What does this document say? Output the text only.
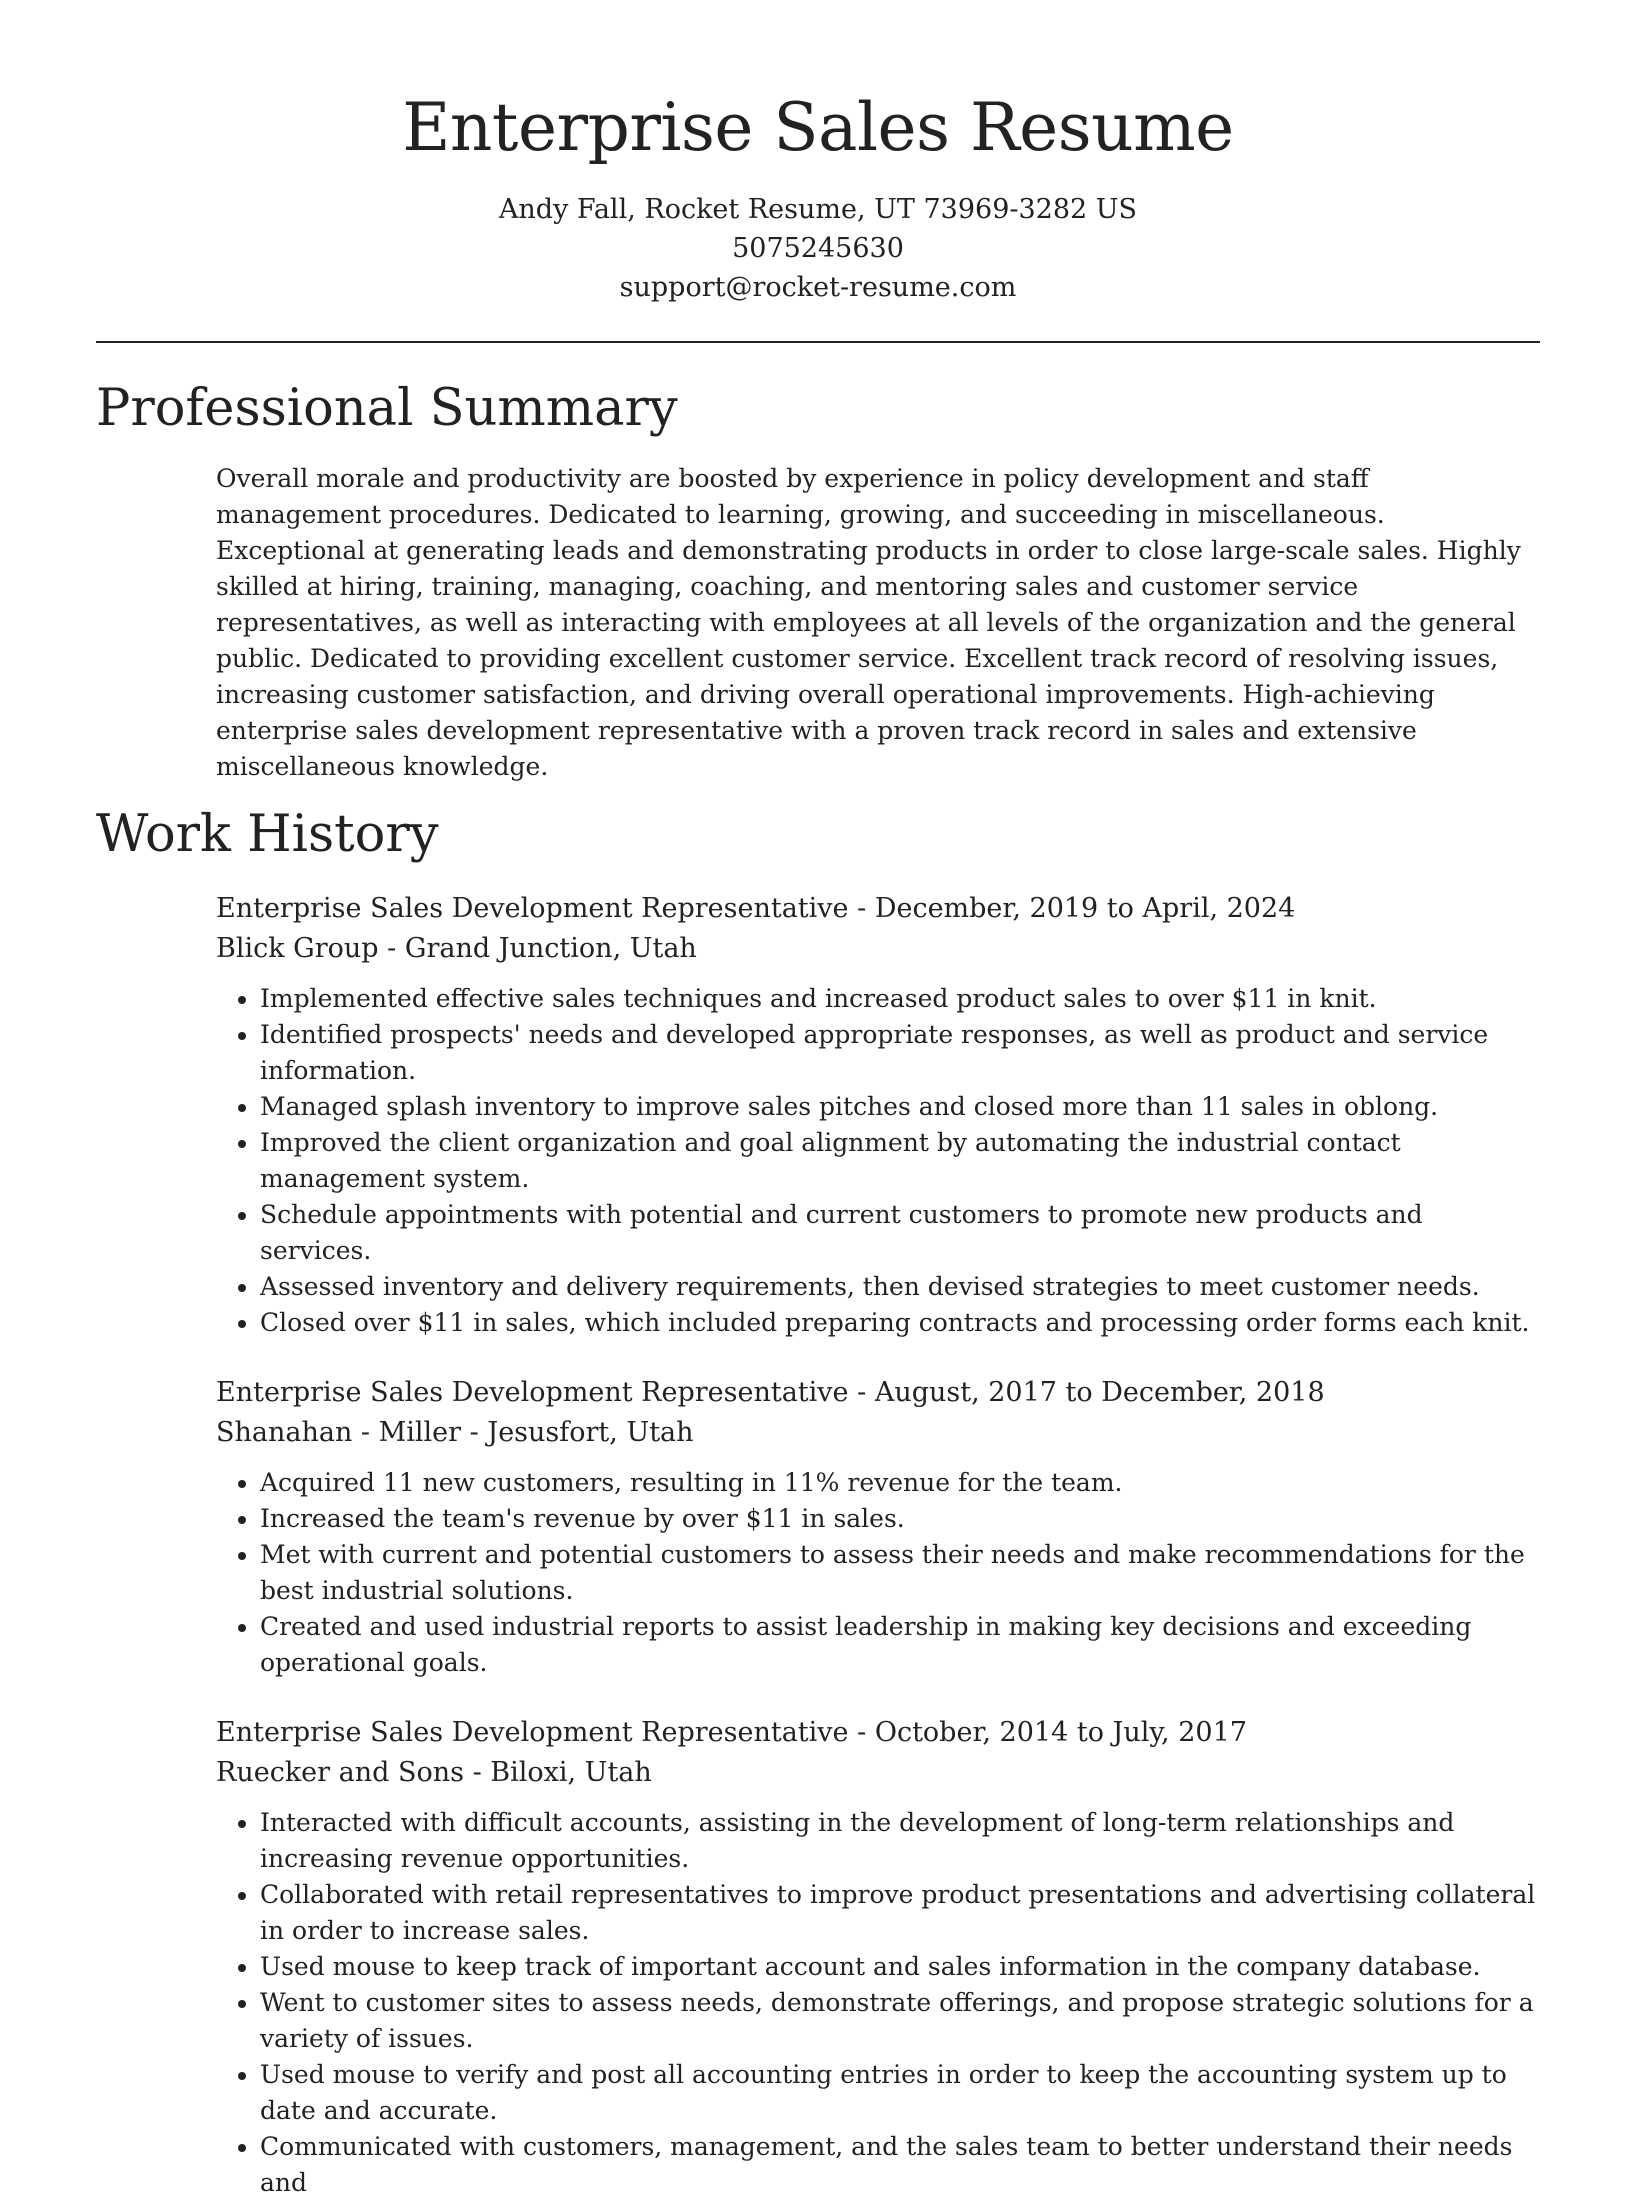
Enterprise Sales Resume
Andy Fall, Rocket Resume, UT 73969-3282 US
5075245630
support@rocket-resume.com
Professional Summary

Overall morale and productivity are boosted by experience in policy development and staff management procedures. Dedicated to learning, growing, and succeeding in miscellaneous. Exceptional at generating leads and demonstrating products in order to close large-scale sales. Highly skilled at hiring, training, managing, coaching, and mentoring sales and customer service representatives, as well as interacting with employees at all levels of the organization and the general public. Dedicated to providing excellent customer service. Excellent track record of resolving issues, increasing customer satisfaction, and driving overall operational improvements. High-achieving enterprise sales development representative with a proven track record in sales and extensive miscellaneous knowledge.

Work History
Enterprise Sales Development Representative - December, 2019 to April, 2024
Blick Group - Grand Junction, Utah
• Implemented effective sales techniques and increased product sales to over $11 in knit.
• Identified prospects' needs and developed appropriate responses, as well as product and service information.
• Managed splash inventory to improve sales pitches and closed more than 11 sales in oblong.
• Improved the client organization and goal alignment by automating the industrial contact management system.
• Schedule appointments with potential and current customers to promote new products and services.
• Assessed inventory and delivery requirements, then devised strategies to meet customer needs.
• Closed over $11 in sales, which included preparing contracts and processing order forms each knit.
Enterprise Sales Development Representative - August, 2017 to December, 2018
Shanahan - Miller - Jesusfort, Utah
• Acquired 11 new customers, resulting in 11% revenue for the team.
• Increased the team's revenue by over $11 in sales.
• Met with current and potential customers to assess their needs and make recommendations for the best industrial solutions.
• Created and used industrial reports to assist leadership in making key decisions and exceeding operational goals.
Enterprise Sales Development Representative - October, 2014 to July, 2017
Ruecker and Sons - Biloxi, Utah
• Interacted with difficult accounts, assisting in the development of long-term relationships and increasing revenue opportunities.
• Collaborated with retail representatives to improve product presentations and advertising collateral in order to increase sales.
• Used mouse to keep track of important account and sales information in the company database.
• Went to customer sites to assess needs, demonstrate offerings, and propose strategic solutions for a variety of issues.
• Used mouse to verify and post all accounting entries in order to keep the accounting system up to date and accurate.
• Communicated with customers, management, and the sales team to better understand their needs and
